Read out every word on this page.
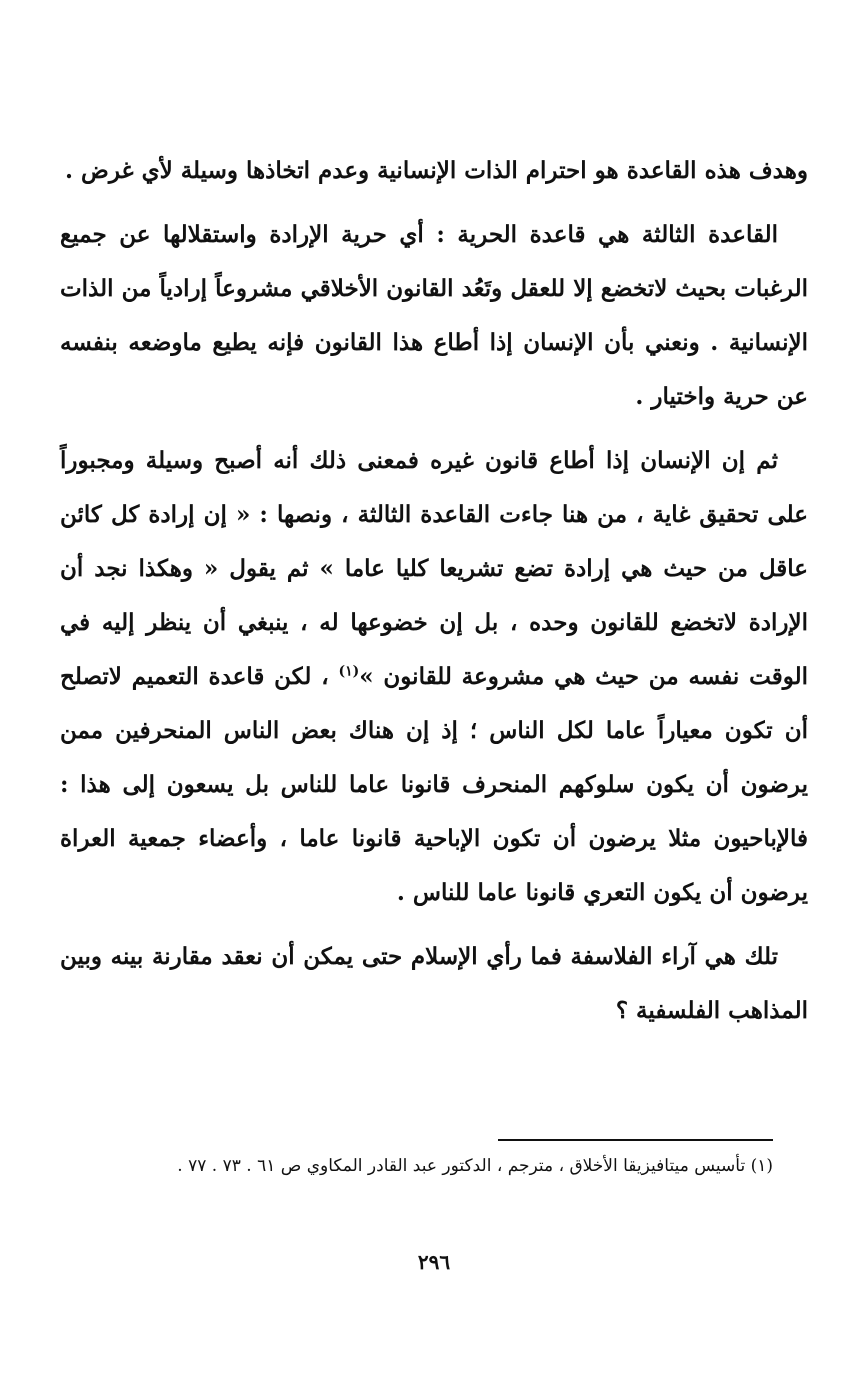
وهدف هذه القاعدة هو احترام الذات الإنسانية وعدم اتخاذها وسيلة لأي غرض .

القاعدة الثالثة هي قاعدة الحرية : أي حرية الإرادة واستقلالها عن جميع الرغبات بحيث لاتخضع إلا للعقل وتَعُد القانون الأخلاقي مشروعاً إرادياً من الذات الإنسانية . ونعني بأن الإنسان إذا أطاع هذا القانون فإنه يطيع ماوضعه بنفسه عن حرية واختيار .

ثم إن الإنسان إذا أطاع قانون غيره فمعنى ذلك أنه أصبح وسيلة ومجبوراً على تحقيق غاية ، من هنا جاءت القاعدة الثالثة ، ونصها : « إن إرادة كل كائن عاقل من حيث هي إرادة تضع تشريعا كليا عاما » ثم يقول « وهكذا نجد أن الإرادة لاتخضع للقانون وحده ، بل إن خضوعها له ، ينبغي أن ينظر إليه في الوقت نفسه من حيث هي مشروعة للقانون »$^{(١)}$ ، لكن قاعدة التعميم لاتصلح أن تكون معياراً عاما لكل الناس ؛ إذ إن هناك بعض الناس المنحرفين ممن يرضون أن يكون سلوكهم المنحرف قانونا عاما للناس بل يسعون إلى هذا : فالإباحيون مثلا يرضون أن تكون الإباحية قانونا عاما ، وأعضاء جمعية العراة يرضون أن يكون التعري قانونا عاما للناس .

تلك هي آراء الفلاسفة فما رأي الإسلام حتى يمكن أن نعقد مقارنة بينه وبين المذاهب الفلسفية ؟

(١) تأسيس ميتافيزيقا الأخلاق ، مترجم ، الدكتور عبد القادر المكاوي ص ٦١ . ٧٣ . ٧٧ .

٢٩٦
